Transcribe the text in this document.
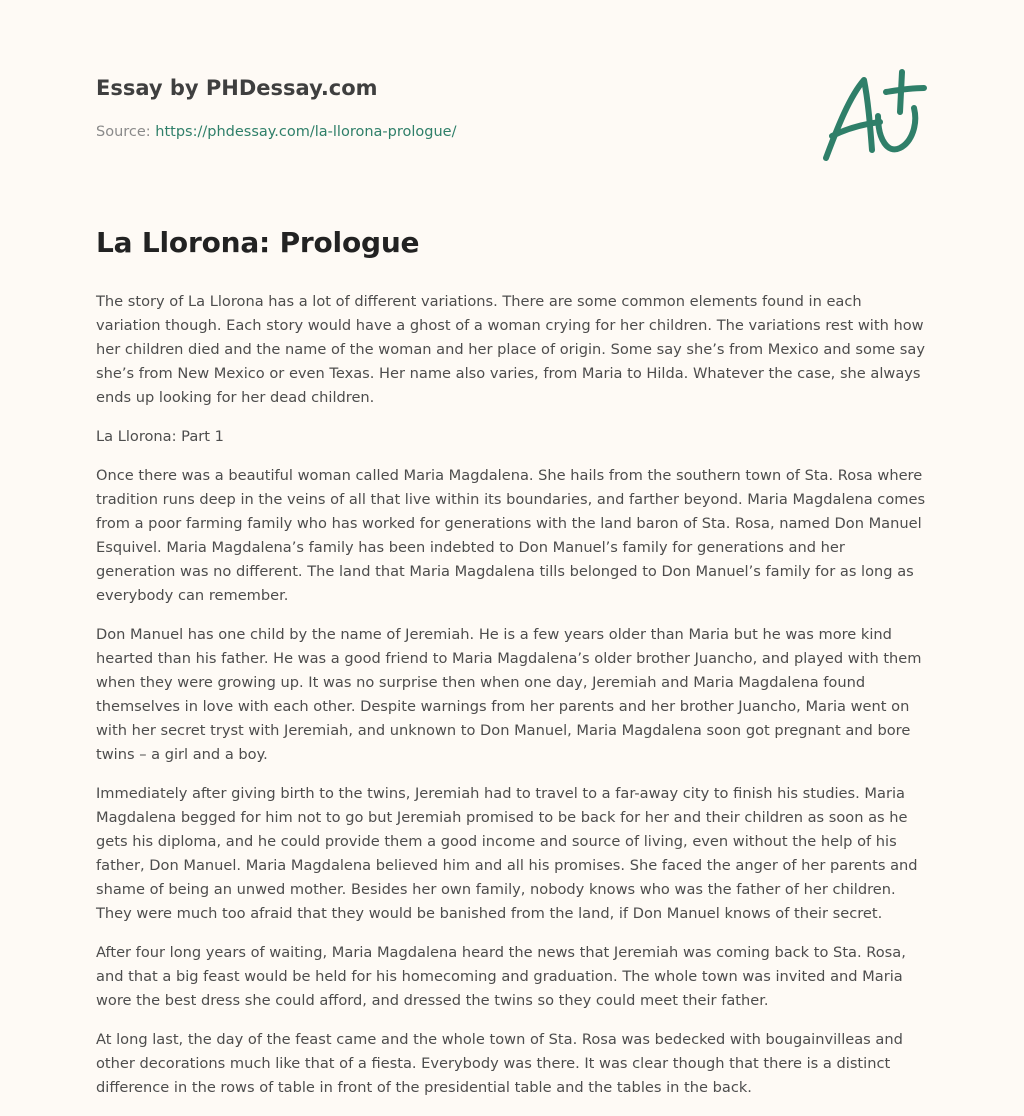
Essay by PHDessay.com

Source: https://phdessay.com/la-llorona-prologue/

La Llorona: Prologue

The story of La Llorona has a lot of different variations. There are some common elements found in each variation though. Each story would have a ghost of a woman crying for her children. The variations rest with how her children died and the name of the woman and her place of origin. Some say she’s from Mexico and some say she’s from New Mexico or even Texas. Her name also varies, from Maria to Hilda. Whatever the case, she always ends up looking for her dead children.

La Llorona: Part 1

Once there was a beautiful woman called Maria Magdalena. She hails from the southern town of Sta. Rosa where tradition runs deep in the veins of all that live within its boundaries, and farther beyond. Maria Magdalena comes from a poor farming family who has worked for generations with the land baron of Sta. Rosa, named Don Manuel Esquivel. Maria Magdalena’s family has been indebted to Don Manuel’s family for generations and her generation was no different. The land that Maria Magdalena tills belonged to Don Manuel’s family for as long as everybody can remember.

Don Manuel has one child by the name of Jeremiah. He is a few years older than Maria but he was more kind hearted than his father. He was a good friend to Maria Magdalena’s older brother Juancho, and played with them when they were growing up. It was no surprise then when one day, Jeremiah and Maria Magdalena found themselves in love with each other. Despite warnings from her parents and her brother Juancho, Maria went on with her secret tryst with Jeremiah, and unknown to Don Manuel, Maria Magdalena soon got pregnant and bore twins – a girl and a boy.

Immediately after giving birth to the twins, Jeremiah had to travel to a far-away city to finish his studies. Maria Magdalena begged for him not to go but Jeremiah promised to be back for her and their children as soon as he gets his diploma, and he could provide them a good income and source of living, even without the help of his father, Don Manuel. Maria Magdalena believed him and all his promises. She faced the anger of her parents and shame of being an unwed mother. Besides her own family, nobody knows who was the father of her children. They were much too afraid that they would be banished from the land, if Don Manuel knows of their secret.

After four long years of waiting, Maria Magdalena heard the news that Jeremiah was coming back to Sta. Rosa, and that a big feast would be held for his homecoming and graduation. The whole town was invited and Maria wore the best dress she could afford, and dressed the twins so they could meet their father.

At long last, the day of the feast came and the whole town of Sta. Rosa was bedecked with bougainvilleas and other decorations much like that of a fiesta. Everybody was there. It was clear though that there is a distinct difference in the rows of table in front of the presidential table and the tables in the back.
